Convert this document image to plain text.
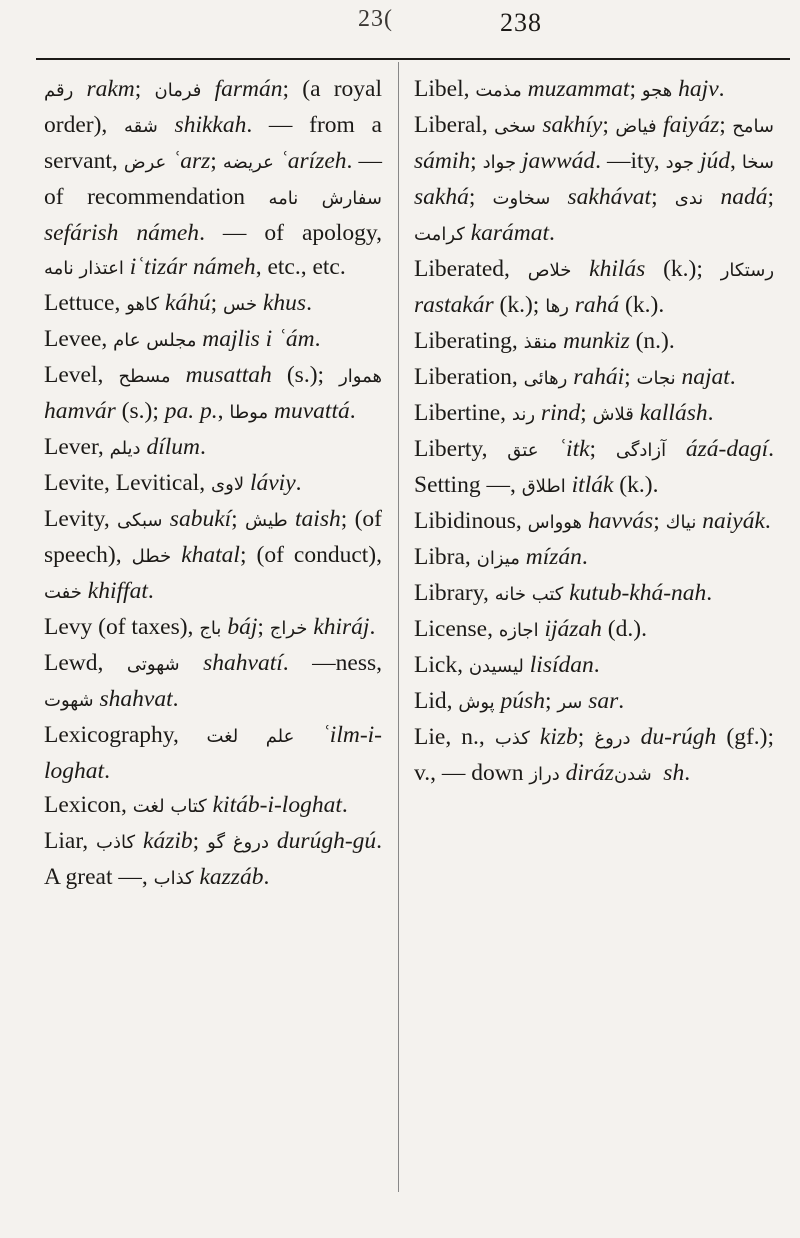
23(	238

رقم rakm; فرمان farmán; (a royal order), شقه shikkah. — from a servant, عرض ʿarz; عريضه ʿarízeh. — of recommendation سفارش نامه sefárish námeh. — of apology, اعتذار نامه iʿtizár námeh, etc., etc.

Lettuce, كاهو káhú; خس khus.

Levee, مجلس عام majlis i ʿám.

Level, مسطح musattah (s.); هموار hamvár (s.); pa. p., موطا muvattá.

Lever, ديلم dílum.

Levite, Levitical, لاوى láviy.

Levity, سبكى sabukí; طيش taish; (of speech), خطل khatal; (of conduct), خفت khiffat.

Levy (of taxes), باج báj; خراج khiráj.

Lewd, شهوتى shahvatí. —ness, شهوت shahvat.

Lexicography, علم لغت ʿilm-i-loghat.

Lexicon, كتاب لغت kitáb-i-loghat.

Liar, كاذب kázib; دروغ گو durúgh-gú. A great —, كذاب kazzáb.

Libel, مذمت muzammat; هجو hajv.

Liberal, سخى sakhíy; فياض faiyáz; سامح sámih; جواد jawwád. —ity, جود júd, سخا sakhá; سخاوت sakhávat; ندى nadá; كرامت karámat.

Liberated, خلاص khilás (k.); رستكار rastakár (k.); رها rahá (k.).

Liberating, منقذ munkiz (n.).

Liberation, رهائى rahái; نجات najat.

Libertine, رند rind; قلاش kallásh.

Liberty, عتق ʿitk; آزادگى ázá-dagí. Setting —, اطلاق itlák (k.).

Libidinous, هوواس havvás; نياك naiyák.

Libra, ميزان mízán.

Library, كتب خانه kutub-khá-nah.

License, اجازه ijázah (d.).

Lick, ليسيدن lisídan.

Lid, پوش púsh; سر sar.

Lie, n., كذب kizb; دروغ du-rúgh (gf.); v., — down دراز diráz شدن sh.
